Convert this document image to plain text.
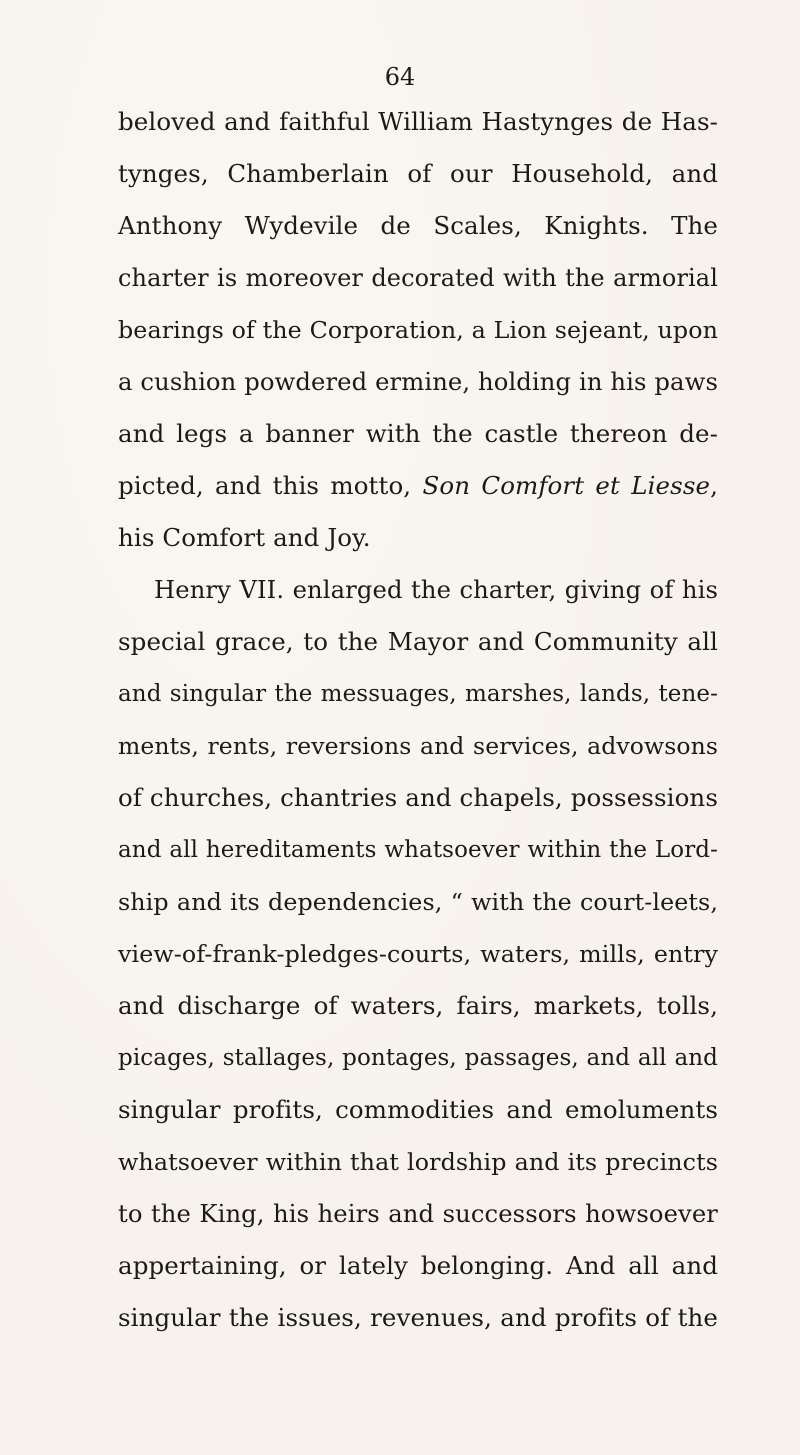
64
beloved and faithful William Hastynges de Has-
tynges, Chamberlain of our Household, and
Anthony Wydevile de Scales, Knights. The
charter is moreover decorated with the armorial
bearings of the Corporation, a Lion sejeant, upon
a cushion powdered ermine, holding in his paws
and legs a banner with the castle thereon de-
picted, and this motto, Son Comfort et Liesse,
his Comfort and Joy.
Henry VII. enlarged the charter, giving of his
special grace, to the Mayor and Community all
and singular the messuages, marshes, lands, tene-
ments, rents, reversions and services, advowsons
of churches, chantries and chapels, possessions
and all hereditaments whatsoever within the Lord-
ship and its dependencies, “ with the court-leets,
view-of-frank-pledges-courts, waters, mills, entry
and discharge of waters, fairs, markets, tolls,
picages, stallages, pontages, passages, and all and
singular profits, commodities and emoluments
whatsoever within that lordship and its precincts
to the King, his heirs and successors howsoever
appertaining, or lately belonging. And all and
singular the issues, revenues, and profits of the
